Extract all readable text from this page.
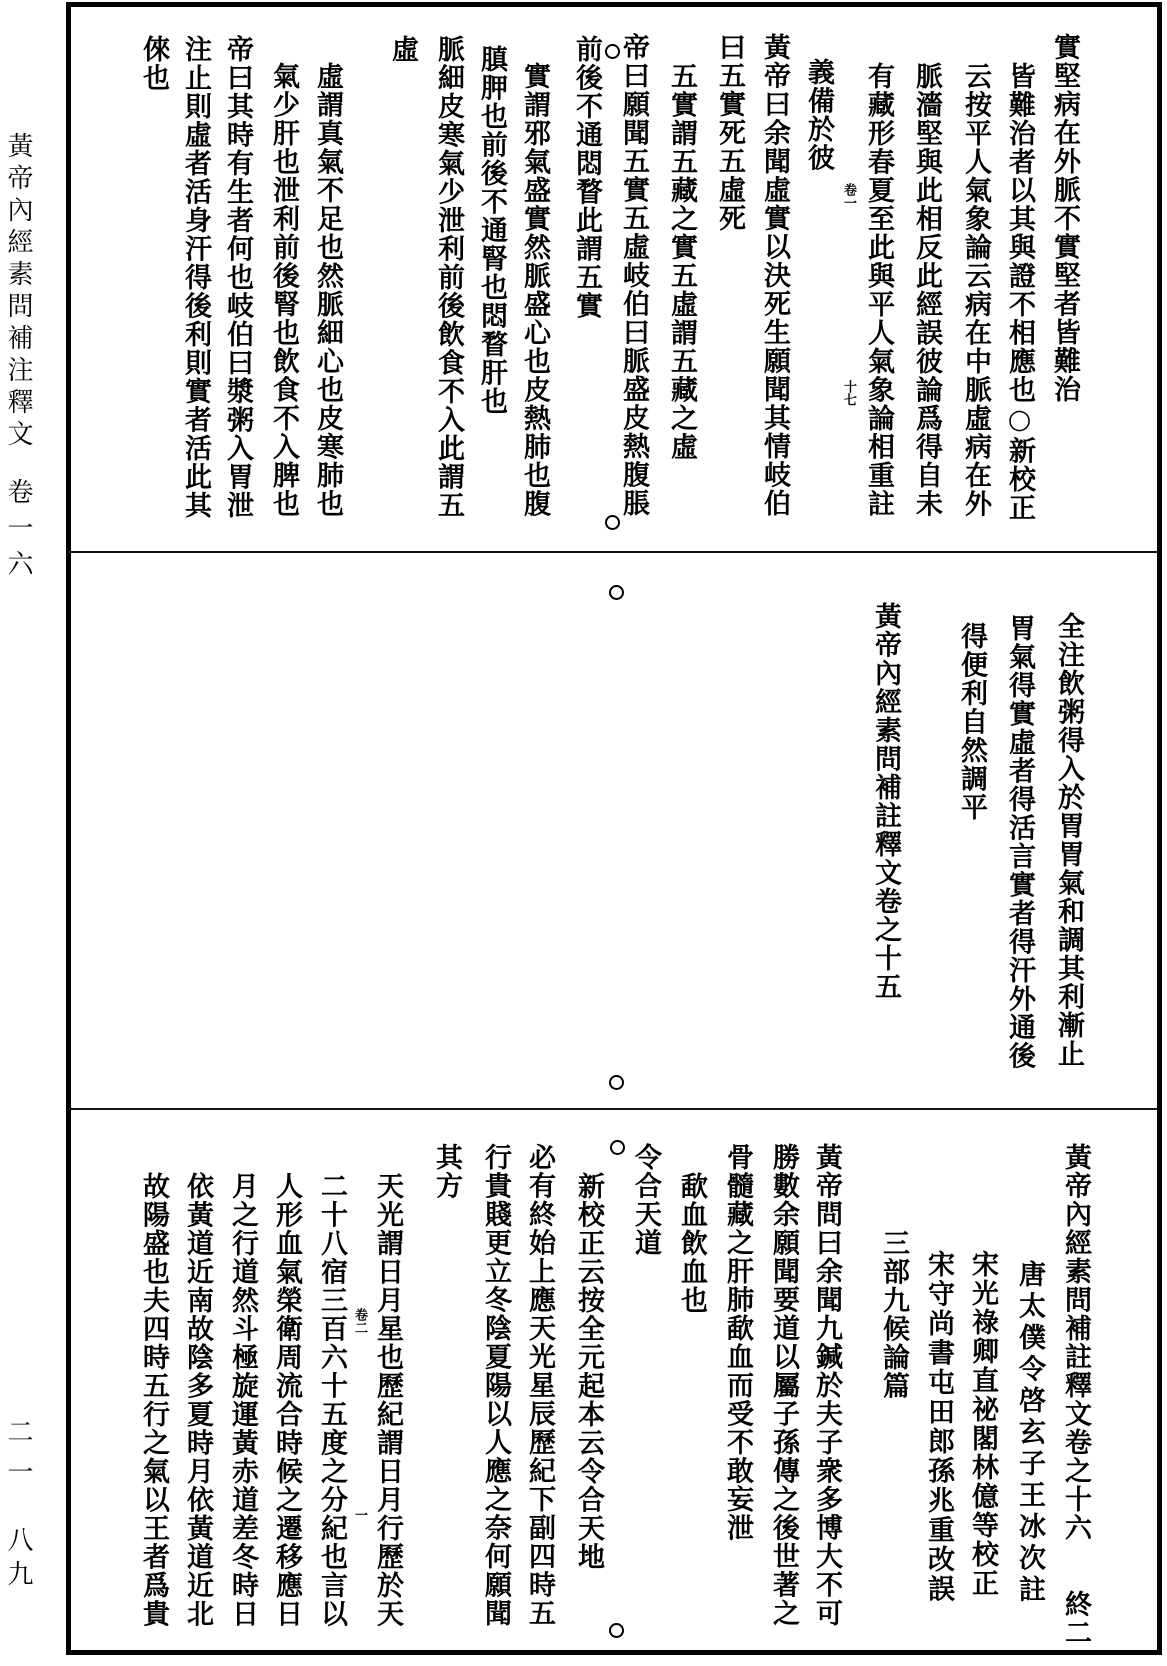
黃帝內經素問補注釋文
卷一六
二一
八九
實堅病在外脈不實堅者皆難治
皆難治者以其與證不相應也○新校正
云按平人氣象論云病在中脈虛病在外
脈濇堅與此相反此經誤彼論爲得自未
有藏形春夏至此與平人氣象論相重註
義備於彼
黃帝曰余聞虛實以決死生願聞其情岐伯
曰五實死五虛死
五實謂五藏之實五虛謂五藏之虛
帝曰願聞五實五虛岐伯曰脈盛皮熱腹脹
前後不通悶瞀此謂五實
實謂邪氣盛實然脈盛心也皮熱肺也腹
䐜胛也前後不通腎也悶瞀肝也
脈細皮寒氣少泄利前後飲食不入此謂五
虛
虛謂真氣不足也然脈細心也皮寒肺也
氣少肝也泄利前後腎也飲食不入脾也
帝曰其時有生者何也岐伯曰漿粥入胃泄
注止則虛者活身汗得後利則實者活此其
倈也
全注飲粥得入於胃胃氣和調其利漸止
胃氣得實虛者得活言實者得汗外通後
得便利自然調平
黃帝內經素問補註釋文卷之十五
黃帝內經素問補註釋文卷之十六
唐太僕令啓玄子王冰次註
宋光祿卿直祕閣林億等校正
宋守尚書屯田郎孫兆重改誤
三部九候論篇
黃帝問曰余聞九鍼於夫子衆多博大不可
勝數余願聞要道以屬子孫傳之後世著之
骨髓藏之肝肺歃血而受不敢妄泄
歃血飲血也
令合天道
新校正云按全元起本云令合天地
必有終始上應天光星辰歷紀下副四時五
行貴賤更立冬陰夏陽以人應之奈何願聞
其方
天光謂日月星也歷紀謂日月行歷於天
二十八宿三百六十五度之分紀也言以
人形血氣榮衛周流合時候之遷移應日
月之行道然斗極旋運黃赤道差冬時日
依黃道近南故陰多夏時月依黃道近北
故陽盛也夫四時五行之氣以王者爲貴
卷一
十七
卷二
一
終二
